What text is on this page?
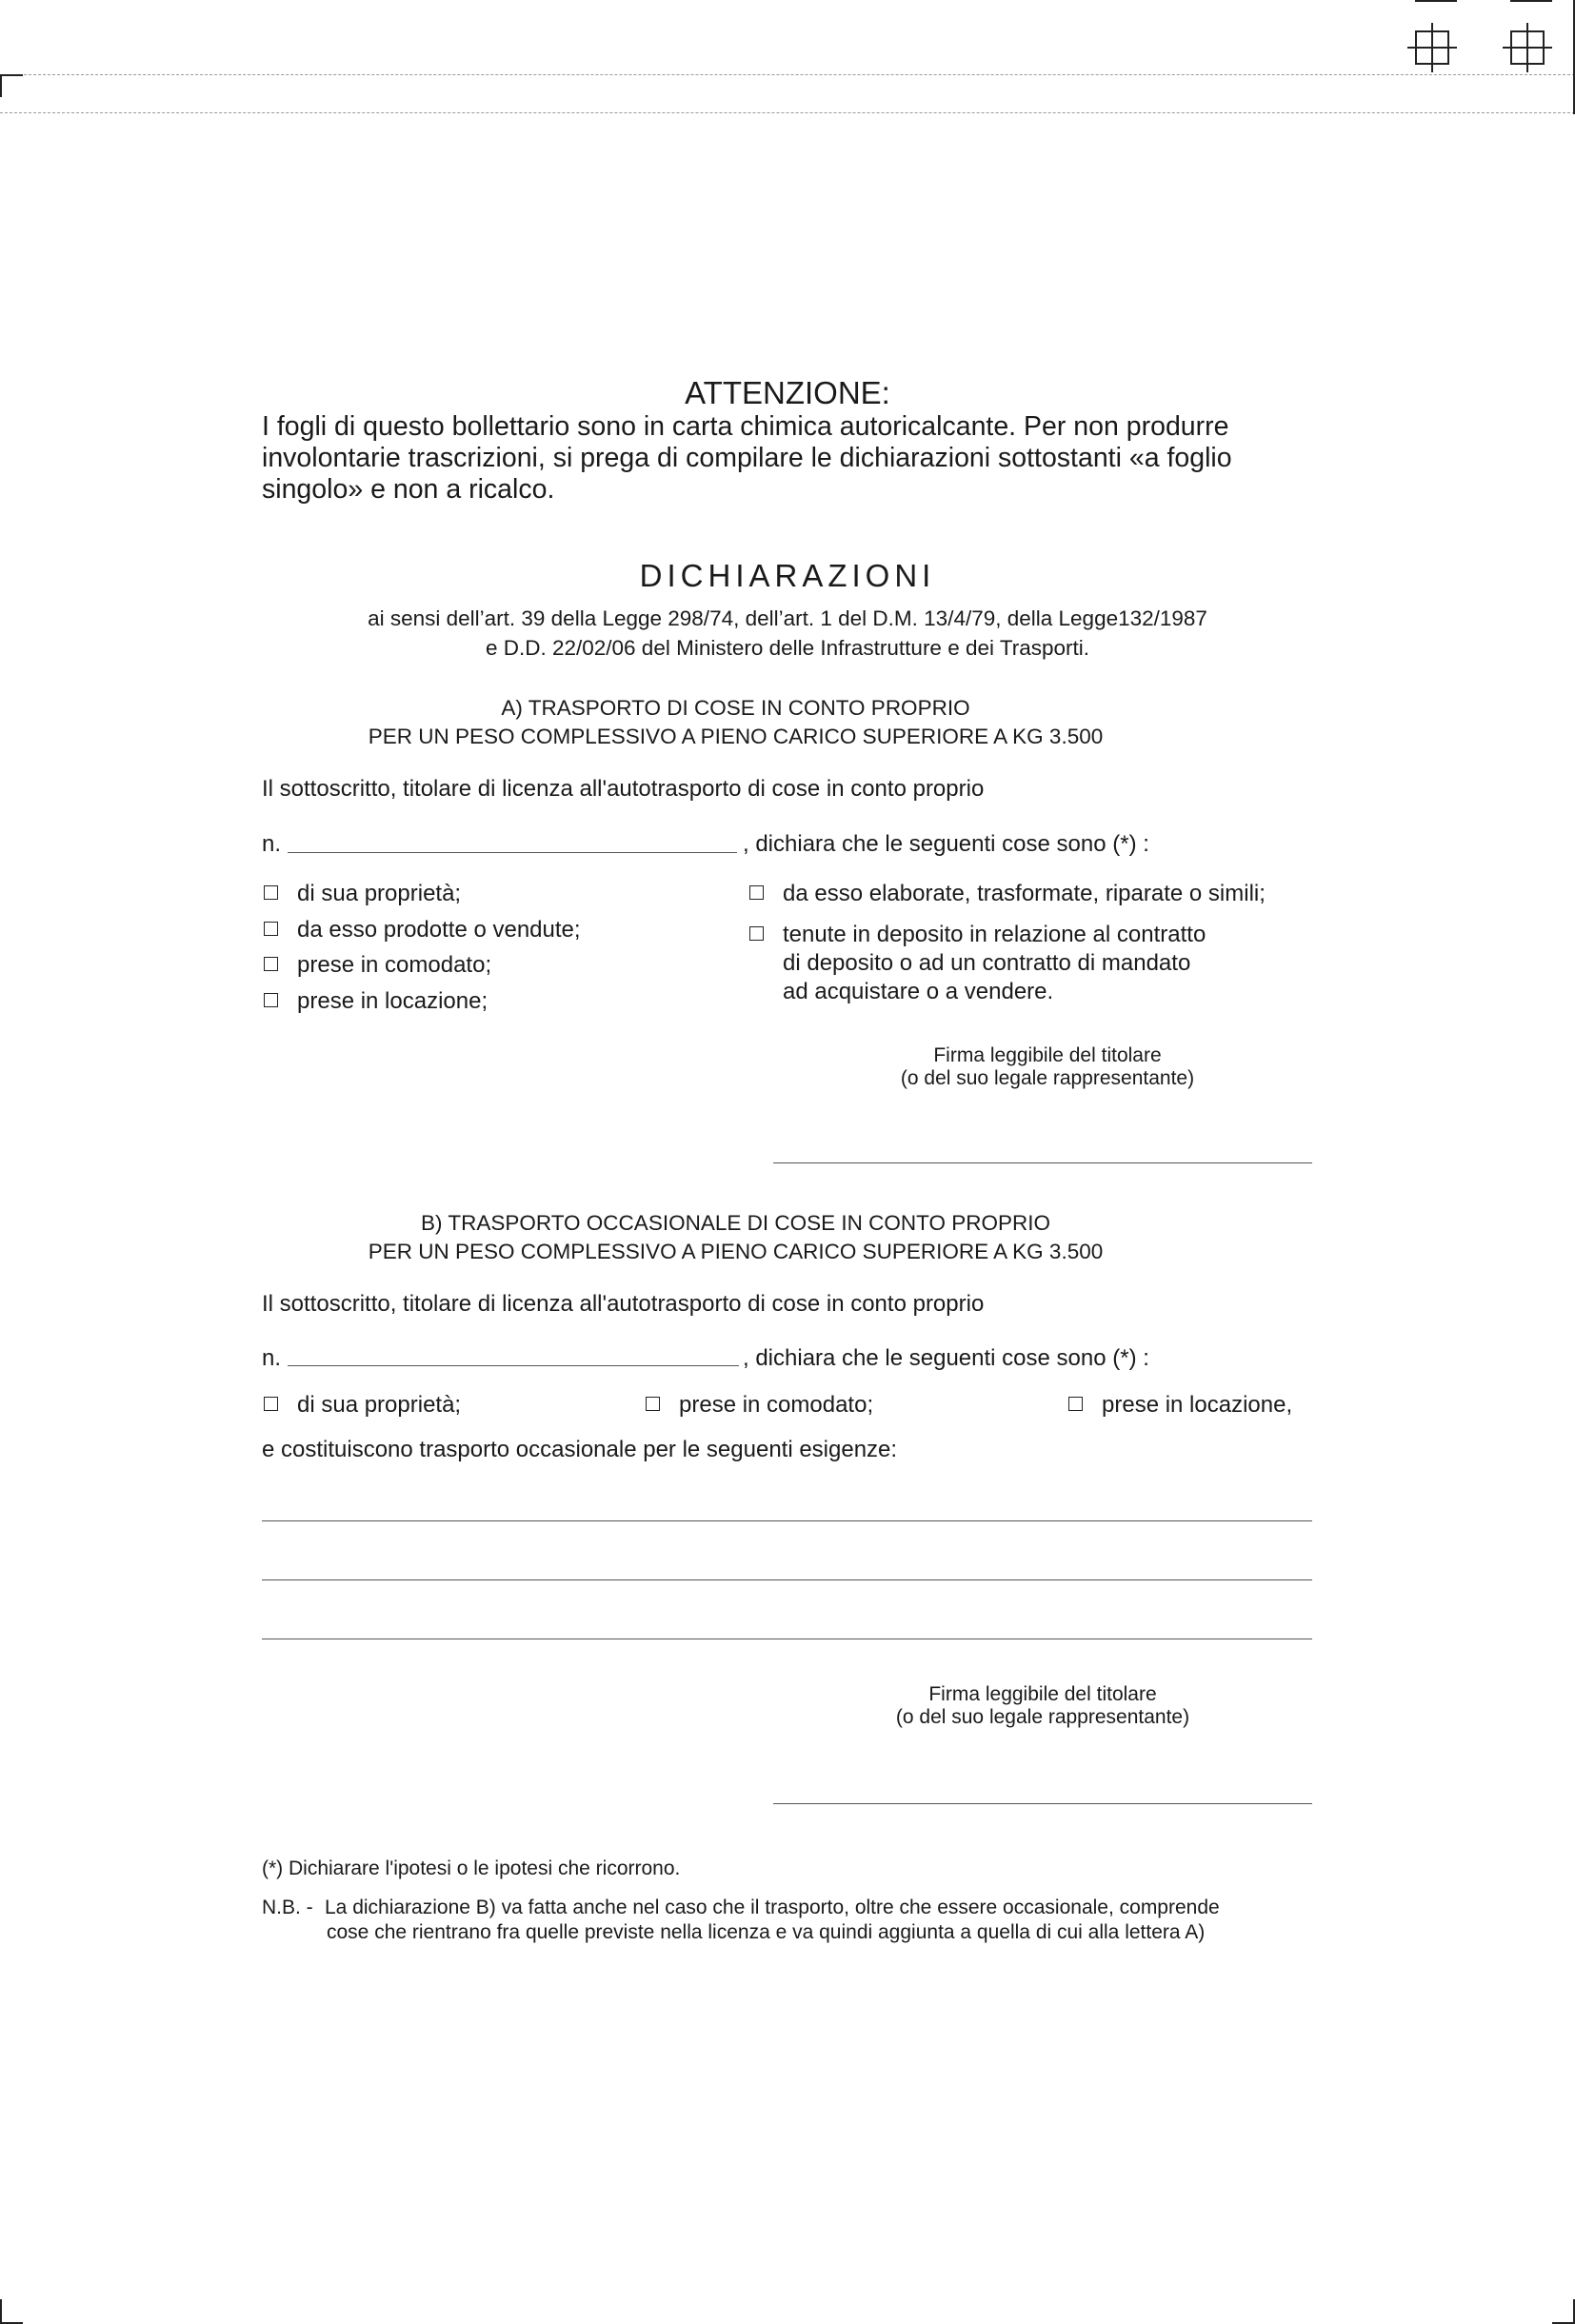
ATTENZIONE:
I fogli di questo bollettario sono in carta chimica autoricalcante. Per non produrre involontarie trascrizioni, si prega di compilare le dichiarazioni sottostanti «a foglio singolo» e non a ricalco.
DICHIARAZIONI
ai sensi dell’art. 39 della Legge 298/74, dell’art. 1 del D.M. 13/4/79, della Legge132/1987
e D.D. 22/02/06 del Ministero delle Infrastrutture e dei Trasporti.
A) TRASPORTO DI COSE IN CONTO PROPRIO
PER UN PESO COMPLESSIVO A PIENO CARICO SUPERIORE A KG 3.500
Il sottoscritto, titolare di licenza all'autotrasporto di cose in conto proprio
n.	, dichiara che le seguenti cose sono (*) :
di sua proprietà;
da esso prodotte o vendute;
prese in comodato;
prese in locazione;
da esso elaborate, trasformate, riparate o simili;
tenute in deposito in relazione al contratto
di deposito o ad un contratto di mandato
ad acquistare o a vendere.
Firma leggibile del titolare
(o del suo legale rappresentante)
B) TRASPORTO OCCASIONALE DI COSE IN CONTO PROPRIO
PER UN PESO COMPLESSIVO A PIENO CARICO SUPERIORE A KG 3.500
Il sottoscritto, titolare di licenza all'autotrasporto di cose in conto proprio
n.	, dichiara che le seguenti cose sono (*) :
di sua proprietà;	prese in comodato;	prese in locazione,
e costituiscono trasporto occasionale per le seguenti esigenze:
Firma leggibile del titolare
(o del suo legale rappresentante)
(*) Dichiarare l'ipotesi o le ipotesi che ricorrono.
N.B. - La dichiarazione B) va fatta anche nel caso che il trasporto, oltre che essere occasionale, comprende
cose che rientrano fra quelle previste nella licenza e va quindi aggiunta a quella di cui alla lettera A)
